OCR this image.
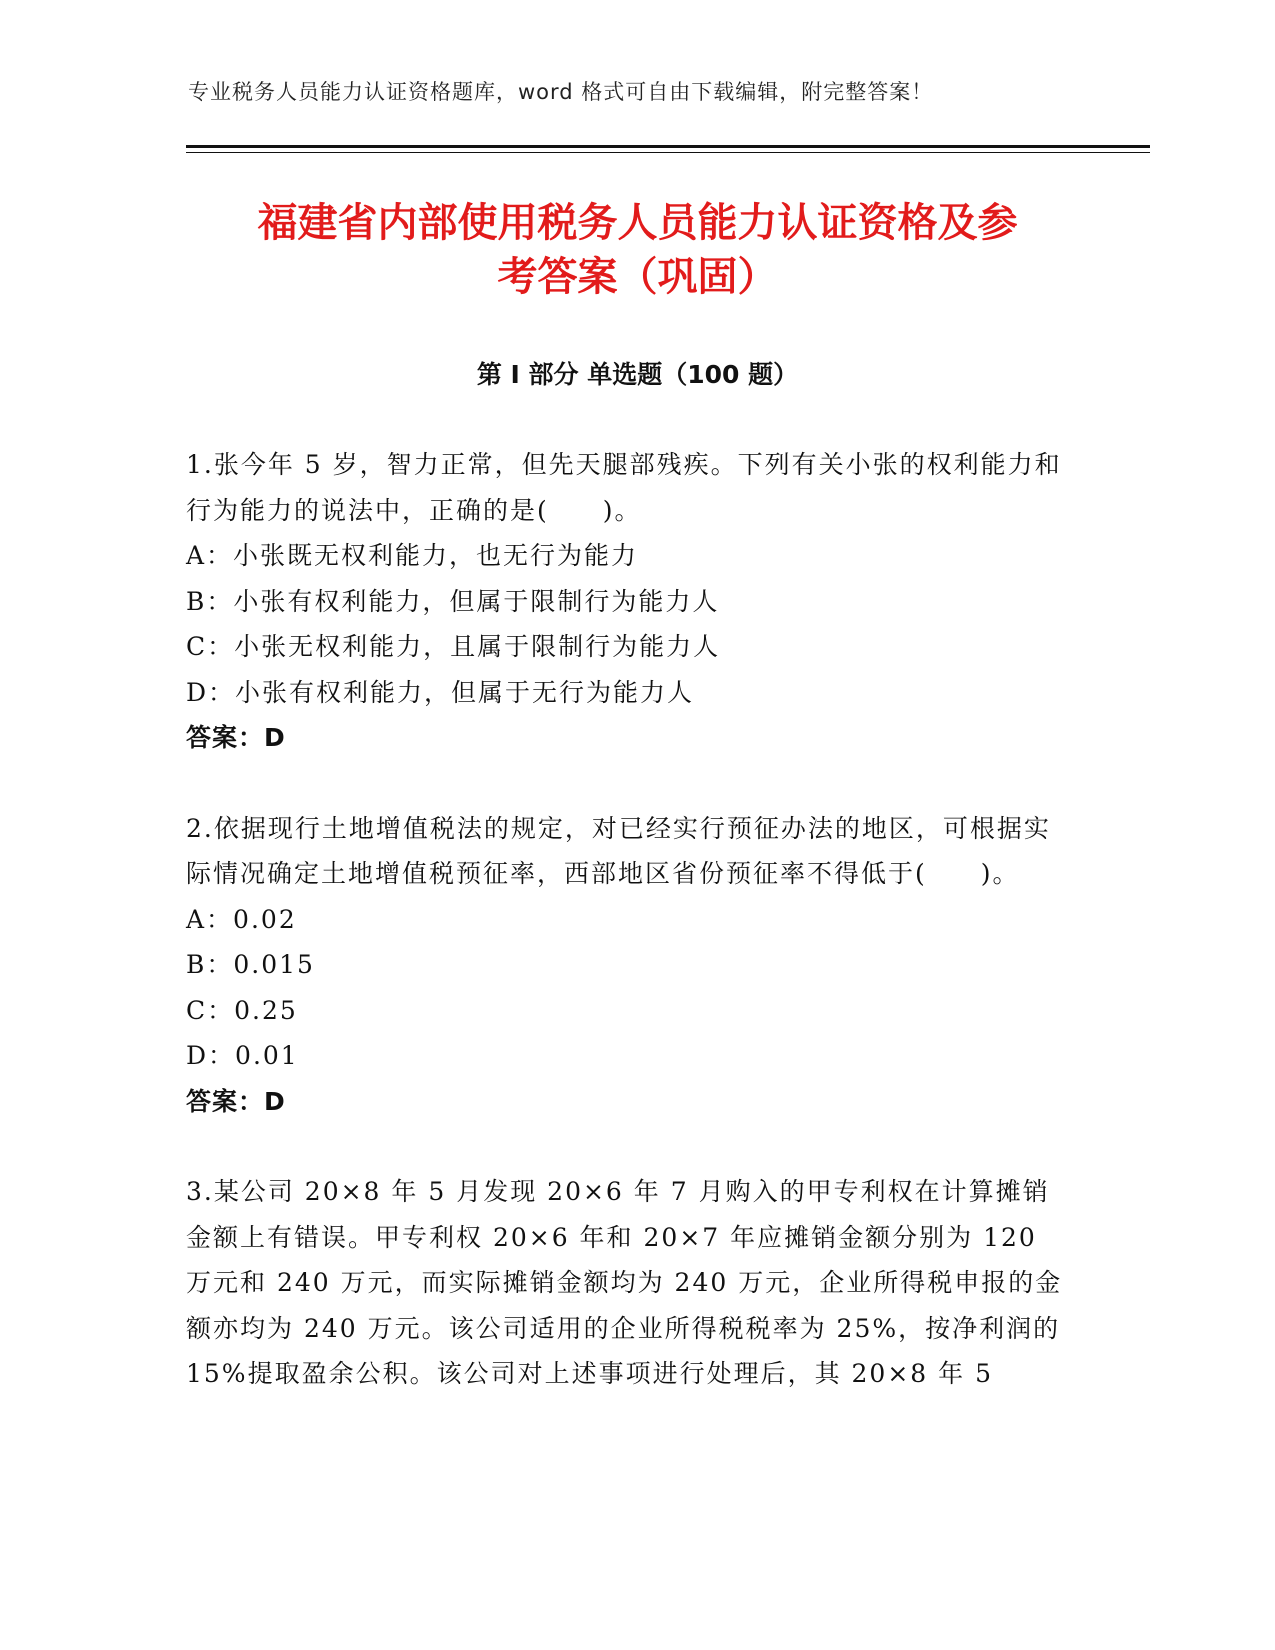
专业税务人员能力认证资格题库，word 格式可自由下载编辑，附完整答案！
福建省内部使用税务人员能力认证资格及参
考答案（巩固）
第 I 部分 单选题（100 题）

1.张今年 5 岁，智力正常，但先天腿部残疾。下列有关小张的权利能力和行为能力的说法中，正确的是(　　)。

A：小张既无权利能力，也无行为能力

B：小张有权利能力，但属于限制行为能力人

C：小张无权利能力，且属于限制行为能力人

D：小张有权利能力，但属于无行为能力人

答案：D

2.依据现行土地增值税法的规定，对已经实行预征办法的地区，可根据实际情况确定土地增值税预征率，西部地区省份预征率不得低于(　　)。

A：0.02

B：0.015

C：0.25

D：0.01

答案：D

3.某公司 20×8 年 5 月发现 20×6 年 7 月购入的甲专利权在计算摊销金额上有错误。甲专利权 20×6 年和 20×7 年应摊销金额分别为 120 万元和 240 万元，而实际摊销金额均为 240 万元，企业所得税申报的金额亦均为 240 万元。该公司适用的企业所得税税率为 25%，按净利润的 15%提取盈余公积。该公司对上述事项进行处理后，其 20×8 年 5
